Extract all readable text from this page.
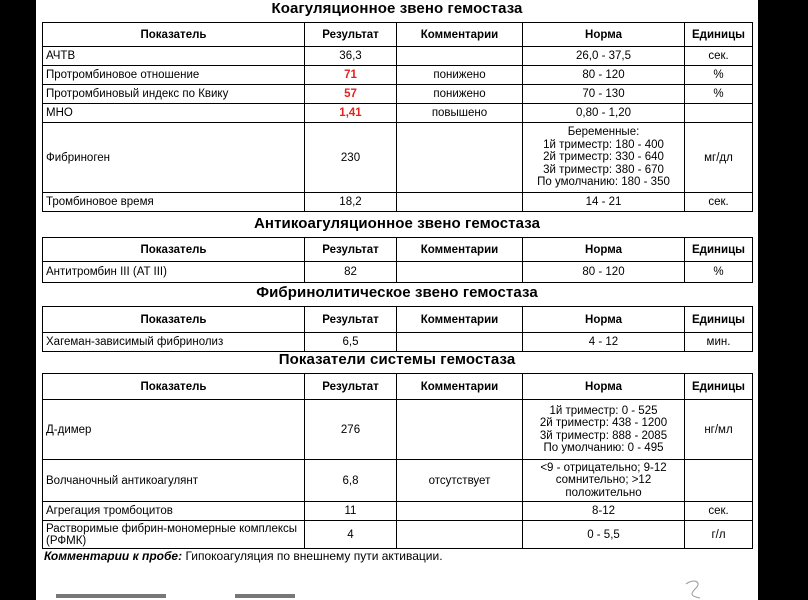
Коагуляционное звено гемостаза
Показатель	Результат	Комментарии	Норма	Единицы
АЧТВ	36,3		26,0 - 37,5	сек.
Протромбиновое отношение	71	понижено	80 - 120	%
Протромбиновый индекс по Квику	57	понижено	70 - 130	%
МНО	1,41	повышено	0,80 - 1,20	
Фибриноген	230		Беременные:
1й триместр: 180 - 400
2й триместр: 330 - 640
3й триместр: 380 - 670
По умолчанию: 180 - 350	мг/дл
Тромбиновое время	18,2		14 - 21	сек.
Антикоагуляционное звено гемостаза
Показатель	Результат	Комментарии	Норма	Единицы
Антитромбин III (AT III)	82		80 - 120	%
Фибринолитическое звено гемостаза
Показатель	Результат	Комментарии	Норма	Единицы
Хагеман-зависимый фибринолиз	6,5		4 - 12	мин.
Показатели системы гемостаза
Показатель	Результат	Комментарии	Норма	Единицы
Д-димер	276		1й триместр: 0 - 525
2й триместр: 438 - 1200
3й триместр: 888 - 2085
По умолчанию: 0 - 495	нг/мл
Волчаночный антикоагулянт	6,8	отсутствует	<9 - отрицательно; 9-12
сомнительно; >12
положительно	

Агрегация тромбоцитов	11		8-12	сек.
Растворимые фибрин-мономерные комплексы (РФМК)	4		0 - 5,5	г/л
Комментарии к пробе: Гипокоагуляция по внешнему пути активации.
